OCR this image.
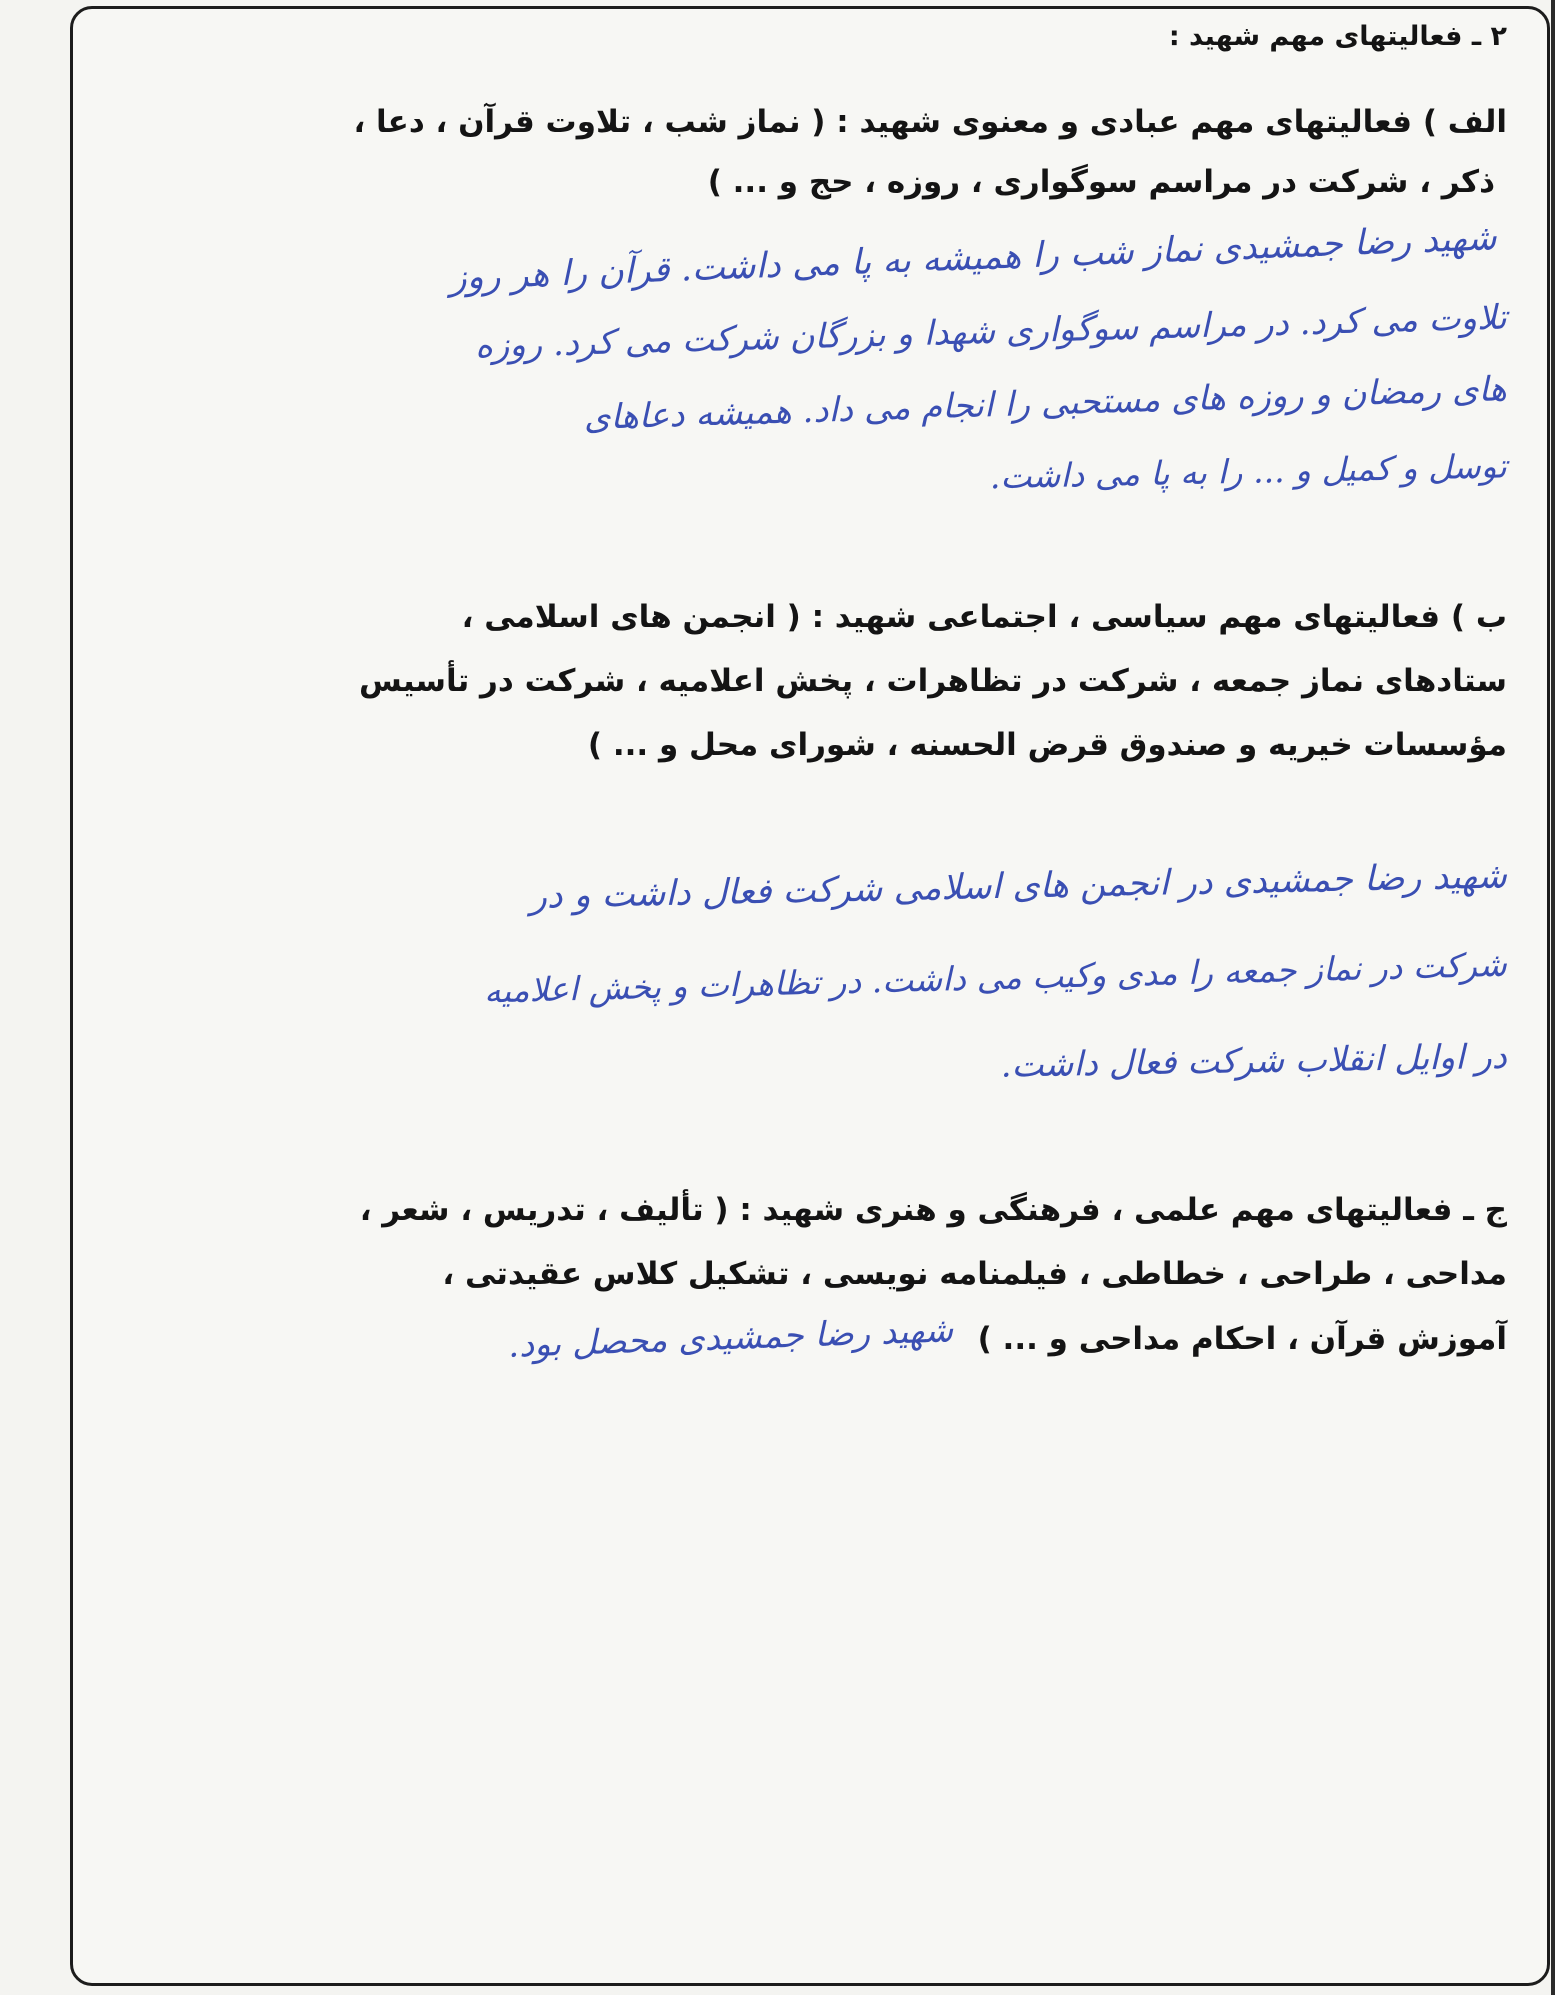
۲ ـ فعالیتهای مهم شهید :

الف ) فعالیتهای مهم عبادی و معنوی شهید : ( نماز شب ، تلاوت قرآن ، دعا ،

ذکر ، شرکت در مراسم سوگواری ، روزه ، حج و ... )

شهید رضا جمشیدی نماز شب را همیشه به پا می داشت. قرآن را هر روز
تلاوت می کرد. در مراسم سوگواری شهدا و بزرگان شرکت می کرد. روزه
های رمضان و روزه های مستحبی را انجام می داد. همیشه دعاهای
توسل و کمیل و ... را به پا می داشت.

ب ) فعالیتهای مهم سیاسی ، اجتماعی شهید : ( انجمن های اسلامی ،

ستادهای نماز جمعه ، شرکت در تظاهرات ، پخش اعلامیه ، شرکت در تأسیس

مؤسسات خیریه و صندوق قرض الحسنه ، شورای محل و ... )

شهید رضا جمشیدی در انجمن های اسلامی شرکت فعال داشت و در
شرکت در نماز جمعه را مدی وکیب می داشت. در تظاهرات و پخش اعلامیه
در اوایل انقلاب شرکت فعال داشت.

ج ـ فعالیتهای مهم علمی ، فرهنگی و هنری شهید : ( تألیف ، تدریس ، شعر ،

مداحی ، طراحی ، خطاطی ، فیلمنامه نویسی ، تشکیل کلاس عقیدتی ،

آموزش قرآن ، احکام مداحی و ... ) شهید رضا جمشیدی محصل بود.
